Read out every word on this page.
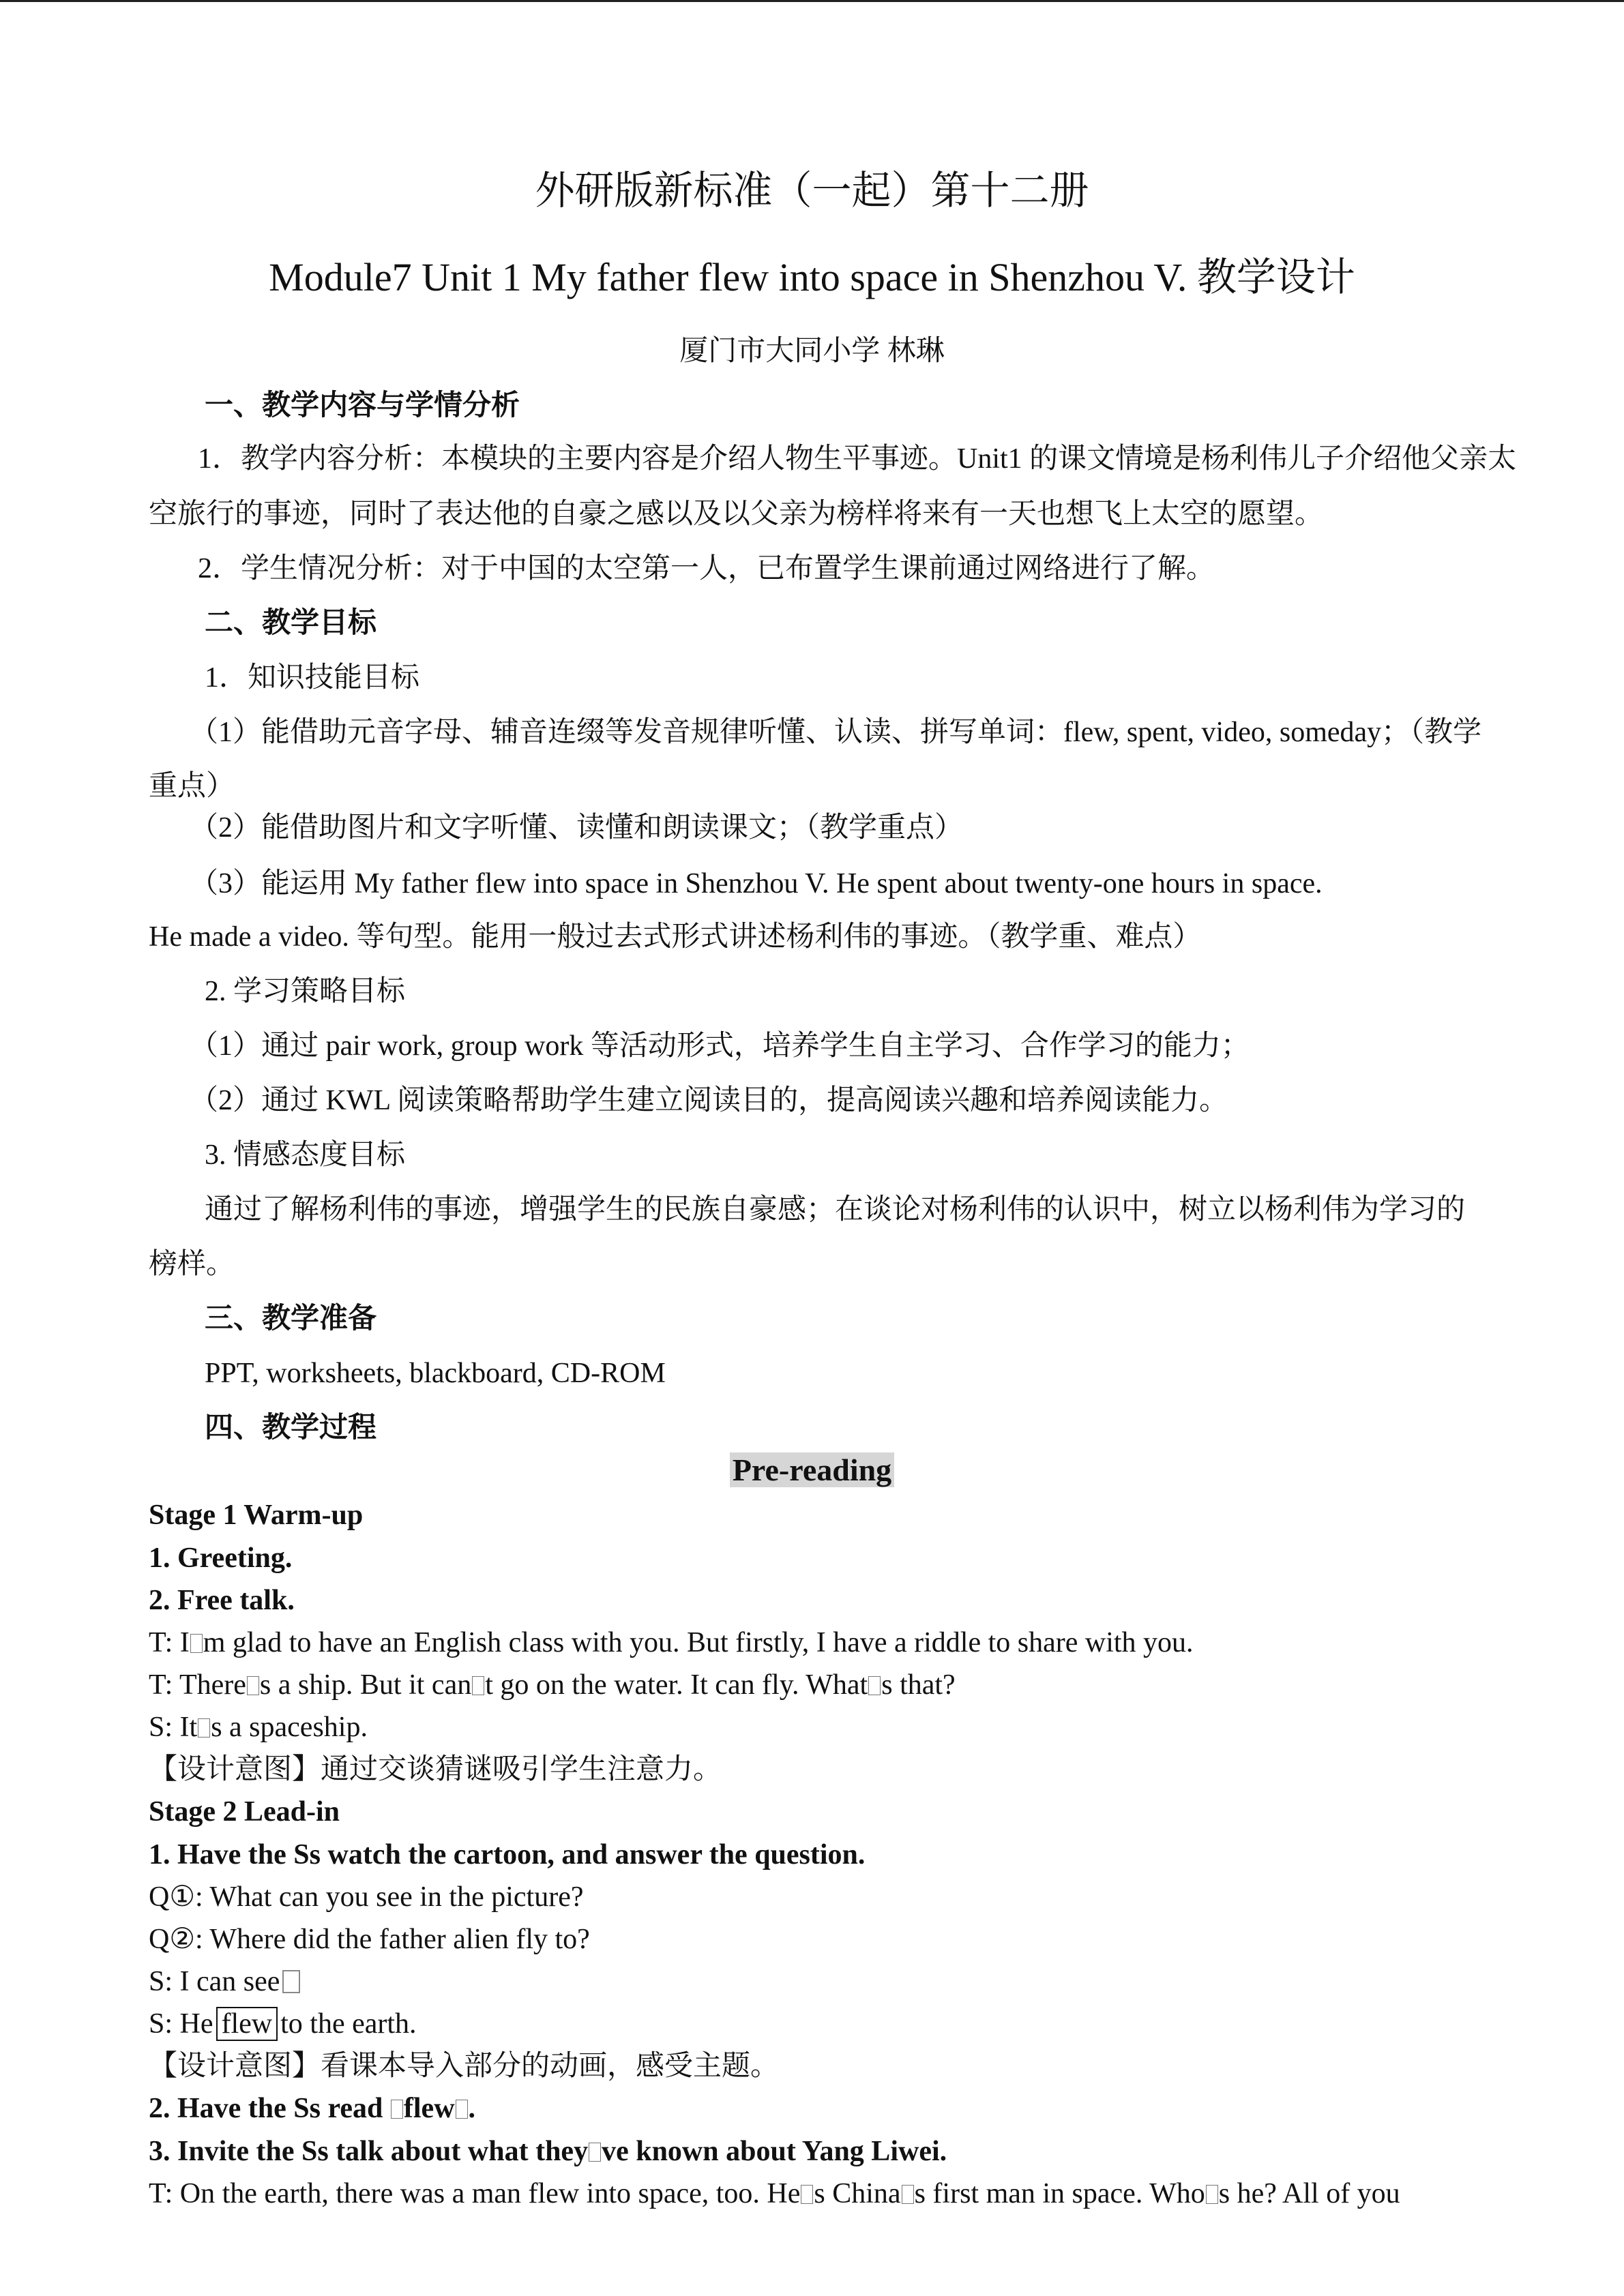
外研版新标准（一起）第十二册
Module7 Unit 1 My father flew into space in Shenzhou V. 教学设计
厦门市大同小学 林琳
一、教学内容与学情分析
1．教学内容分析：本模块的主要内容是介绍人物生平事迹。Unit1 的课文情境是杨利伟儿子介绍他父亲太
空旅行的事迹，同时了表达他的自豪之感以及以父亲为榜样将来有一天也想飞上太空的愿望。
2．学生情况分析：对于中国的太空第一人，已布置学生课前通过网络进行了解。
二、教学目标
1．知识技能目标
（1）能借助元音字母、辅音连缀等发音规律听懂、认读、拼写单词：flew, spent, video, someday；（教学
重点）
（2）能借助图片和文字听懂、读懂和朗读课文；（教学重点）
（3）能运用 My father flew into space in Shenzhou V. He spent about twenty-one hours in space.
He made a video. 等句型。能用一般过去式形式讲述杨利伟的事迹。（教学重、难点）
2. 学习策略目标
（1）通过 pair work, group work 等活动形式，培养学生自主学习、合作学习的能力；
（2）通过 KWL 阅读策略帮助学生建立阅读目的，提高阅读兴趣和培养阅读能力。
3. 情感态度目标
通过了解杨利伟的事迹，增强学生的民族自豪感；在谈论对杨利伟的认识中，树立以杨利伟为学习的
榜样。
三、教学准备
PPT, worksheets, blackboard, CD-ROM
四、教学过程
Pre-reading
Stage 1 Warm-up
1. Greeting.
2. Free talk.
T: I m glad to have an English class with you. But firstly, I have a riddle to share with you.
T: There s a ship. But it can t go on the water. It can fly. What s that?
S: It s a spaceship.
【设计意图】通过交谈猜谜吸引学生注意力。
Stage 2 Lead-in
1. Have the Ss watch the cartoon, and answer the question.
Q①: What can you see in the picture?
Q②: Where did the father alien fly to?
S: I can see
S: He flew to the earth.
【设计意图】看课本导入部分的动画，感受主题。
2. Have the Ss read flew .
3. Invite the Ss talk about what they ve known about Yang Liwei.
T: On the earth, there was a man flew into space, too. He s China s first man in space. Who s he? All of you
